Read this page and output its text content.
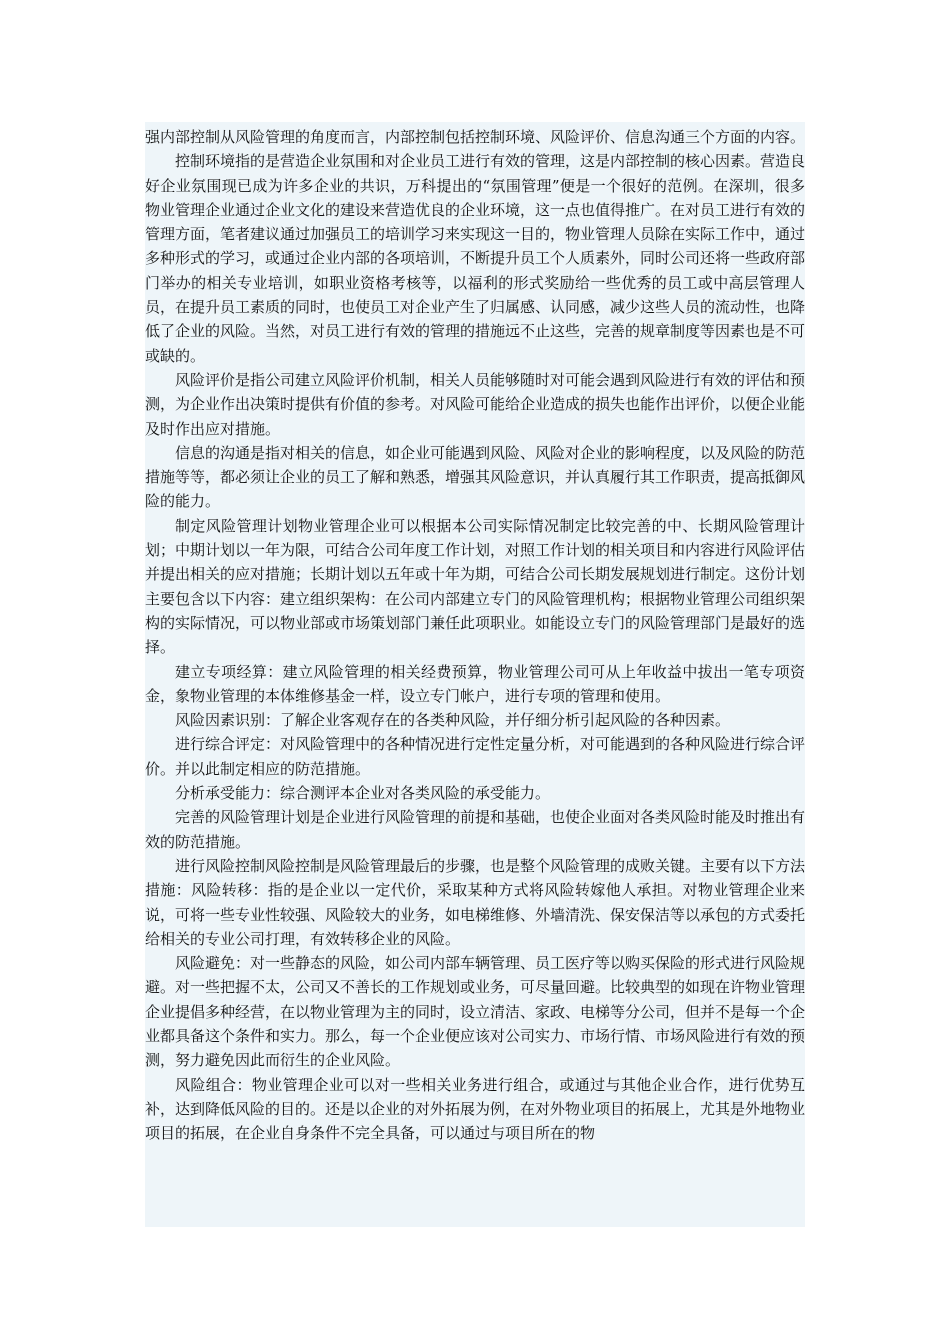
强内部控制从风险管理的角度而言，内部控制包括控制环境、风险评价、信息沟通三个方面的内容。

控制环境指的是营造企业氛围和对企业员工进行有效的管理，这是内部控制的核心因素。营造良好企业氛围现已成为许多企业的共识，万科提出的“氛围管理”便是一个很好的范例。在深圳，很多物业管理企业通过企业文化的建设来营造优良的企业环境，这一点也值得推广。在对员工进行有效的管理方面，笔者建议通过加强员工的培训学习来实现这一目的，物业管理人员除在实际工作中，通过多种形式的学习，或通过企业内部的各项培训，不断提升员工个人质素外，同时公司还将一些政府部门举办的相关专业培训，如职业资格考核等，以福利的形式奖励给一些优秀的员工或中高层管理人员，在提升员工素质的同时，也使员工对企业产生了归属感、认同感，减少这些人员的流动性，也降低了企业的风险。当然，对员工进行有效的管理的措施远不止这些，完善的规章制度等因素也是不可或缺的。

风险评价是指公司建立风险评价机制，相关人员能够随时对可能会遇到风险进行有效的评估和预测，为企业作出决策时提供有价值的参考。对风险可能给企业造成的损失也能作出评价，以便企业能及时作出应对措施。

信息的沟通是指对相关的信息，如企业可能遇到风险、风险对企业的影响程度，以及风险的防范措施等等，都必须让企业的员工了解和熟悉，增强其风险意识，并认真履行其工作职责，提高抵御风险的能力。

制定风险管理计划物业管理企业可以根据本公司实际情况制定比较完善的中、长期风险管理计划；中期计划以一年为限，可结合公司年度工作计划，对照工作计划的相关项目和内容进行风险评估并提出相关的应对措施；长期计划以五年或十年为期，可结合公司长期发展规划进行制定。这份计划主要包含以下内容：建立组织架构：在公司内部建立专门的风险管理机构；根据物业管理公司组织架构的实际情况，可以物业部或市场策划部门兼任此项职业。如能设立专门的风险管理部门是最好的选择。

建立专项经算：建立风险管理的相关经费预算，物业管理公司可从上年收益中拔出一笔专项资金，象物业管理的本体维修基金一样，设立专门帐户，进行专项的管理和使用。

风险因素识别：了解企业客观存在的各类种风险，并仔细分析引起风险的各种因素。

进行综合评定：对风险管理中的各种情况进行定性定量分析，对可能遇到的各种风险进行综合评价。并以此制定相应的防范措施。

分析承受能力：综合测评本企业对各类风险的承受能力。

完善的风险管理计划是企业进行风险管理的前提和基础，也使企业面对各类风险时能及时推出有效的防范措施。

进行风险控制风险控制是风险管理最后的步骤，也是整个风险管理的成败关键。主要有以下方法措施：风险转移：指的是企业以一定代价，采取某种方式将风险转嫁他人承担。对物业管理企业来说，可将一些专业性较强、风险较大的业务，如电梯维修、外墙清洗、保安保洁等以承包的方式委托给相关的专业公司打理，有效转移企业的风险。

风险避免：对一些静态的风险，如公司内部车辆管理、员工医疗等以购买保险的形式进行风险规避。对一些把握不太，公司又不善长的工作规划或业务，可尽量回避。比较典型的如现在许物业管理企业提倡多种经营，在以物业管理为主的同时，设立清洁、家政、电梯等分公司，但并不是每一个企业都具备这个条件和实力。那么，每一个企业便应该对公司实力、市场行情、市场风险进行有效的预测，努力避免因此而衍生的企业风险。

风险组合：物业管理企业可以对一些相关业务进行组合，或通过与其他企业合作，进行优势互补，达到降低风险的目的。还是以企业的对外拓展为例，在对外物业项目的拓展上，尤其是外地物业项目的拓展，在企业自身条件不完全具备，可以通过与项目所在的物
